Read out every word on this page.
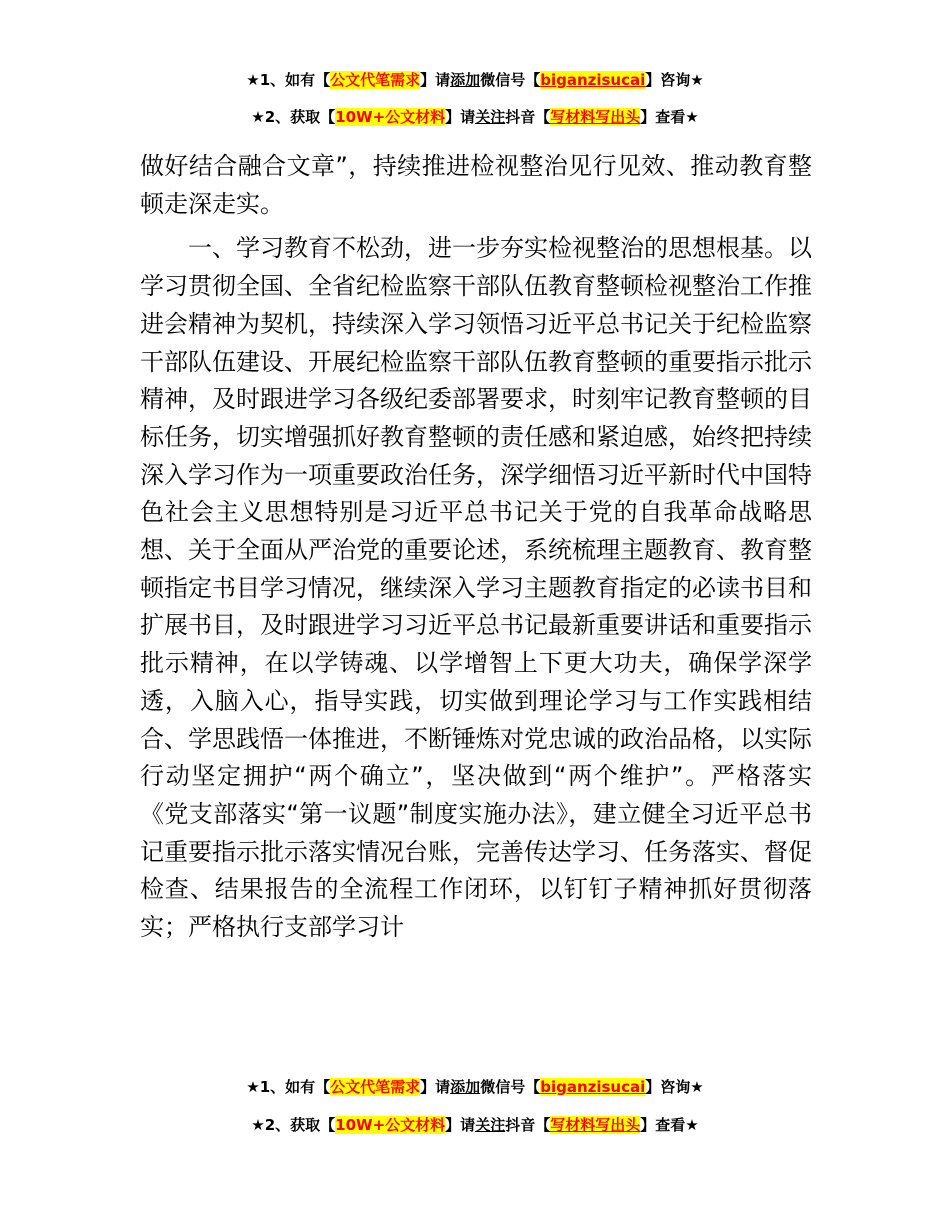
★1、如有【公文代笔需求】请添加微信号【biganzisucai】咨询★
★2、获取【10W+公文材料】请关注抖音【写材料写出头】查看★

做好结合融合文章”，持续推进检视整治见行见效、推动教育整顿走深走实。

一、学习教育不松劲，进一步夯实检视整治的思想根基。以学习贯彻全国、全省纪检监察干部队伍教育整顿检视整治工作推进会精神为契机，持续深入学习领悟习近平总书记关于纪检监察干部队伍建设、开展纪检监察干部队伍教育整顿的重要指示批示精神，及时跟进学习各级纪委部署要求，时刻牢记教育整顿的目标任务，切实增强抓好教育整顿的责任感和紧迫感，始终把持续深入学习作为一项重要政治任务，深学细悟习近平新时代中国特色社会主义思想特别是习近平总书记关于党的自我革命战略思想、关于全面从严治党的重要论述，系统梳理主题教育、教育整顿指定书目学习情况，继续深入学习主题教育指定的必读书目和扩展书目，及时跟进学习习近平总书记最新重要讲话和重要指示批示精神，在以学铸魂、以学增智上下更大功夫，确保学深学透，入脑入心，指导实践，切实做到理论学习与工作实践相结合、学思践悟一体推进，不断锤炼对党忠诚的政治品格，以实际行动坚定拥护“两个确立”，坚决做到“两个维护”。严格落实《党支部落实“第一议题”制度实施办法》，建立健全习近平总书记重要指示批示落实情况台账，完善传达学习、任务落实、督促检查、结果报告的全流程工作闭环，以钉钉子精神抓好贯彻落实；严格执行支部学习计

★1、如有【公文代笔需求】请添加微信号【biganzisucai】咨询★
★2、获取【10W+公文材料】请关注抖音【写材料写出头】查看★
